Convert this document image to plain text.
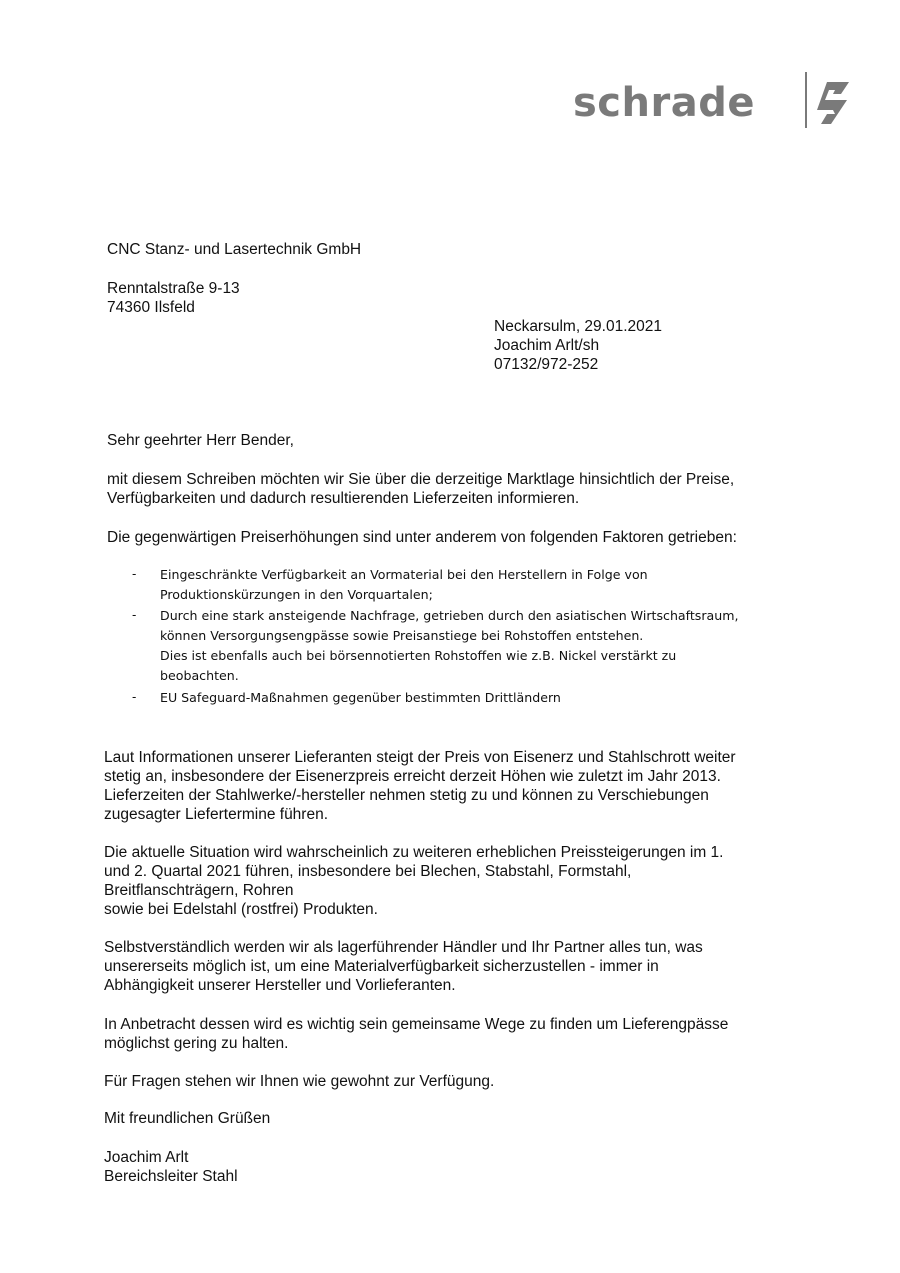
schrade
CNC Stanz- und Lasertechnik GmbH
Renntalstraße 9-13
74360 Ilsfeld
Neckarsulm, 29.01.2021
Joachim Arlt/sh
07132/972-252
Sehr geehrter Herr Bender,
mit diesem Schreiben möchten wir Sie über die derzeitige Marktlage hinsichtlich der Preise,
Verfügbarkeiten und dadurch resultierenden Lieferzeiten informieren.
Die gegenwärtigen Preiserhöhungen sind unter anderem von folgenden Faktoren getrieben:
- Eingeschränkte Verfügbarkeit an Vormaterial bei den Herstellern in Folge von
Produktionskürzungen in den Vorquartalen;
- Durch eine stark ansteigende Nachfrage, getrieben durch den asiatischen Wirtschaftsraum,
können Versorgungsengpässe sowie Preisanstiege bei Rohstoffen entstehen.
Dies ist ebenfalls auch bei börsennotierten Rohstoffen wie z.B. Nickel verstärkt zu
beobachten.
- EU Safeguard-Maßnahmen gegenüber bestimmten Drittländern
Laut Informationen unserer Lieferanten steigt der Preis von Eisenerz und Stahlschrott weiter
stetig an, insbesondere der Eisenerzpreis erreicht derzeit Höhen wie zuletzt im Jahr 2013.
Lieferzeiten der Stahlwerke/-hersteller nehmen stetig zu und können zu Verschiebungen
zugesagter Liefertermine führen.
Die aktuelle Situation wird wahrscheinlich zu weiteren erheblichen Preissteigerungen im 1.
und 2. Quartal 2021 führen, insbesondere bei Blechen, Stabstahl, Formstahl,
Breitflanschträgern, Rohren
sowie bei Edelstahl (rostfrei) Produkten.
Selbstverständlich werden wir als lagerführender Händler und Ihr Partner alles tun, was
unsererseits möglich ist, um eine Materialverfügbarkeit sicherzustellen - immer in
Abhängigkeit unserer Hersteller und Vorlieferanten.
In Anbetracht dessen wird es wichtig sein gemeinsame Wege zu finden um Lieferengpässe
möglichst gering zu halten.
Für Fragen stehen wir Ihnen wie gewohnt zur Verfügung.
Mit freundlichen Grüßen
Joachim Arlt
Bereichsleiter Stahl
